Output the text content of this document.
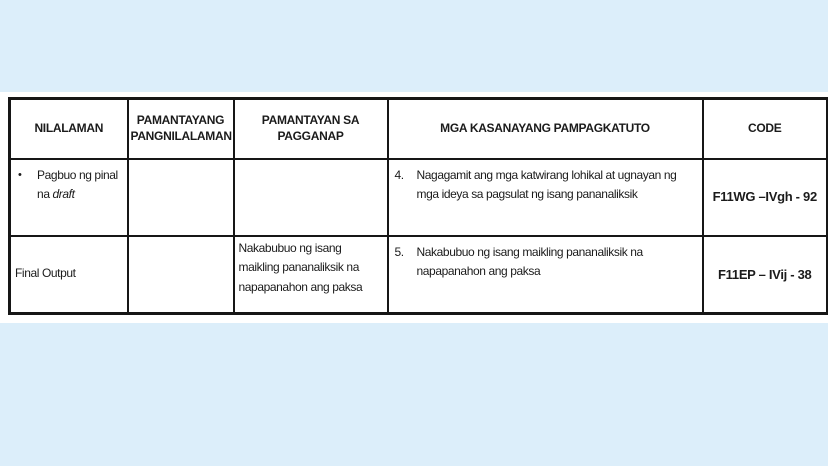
NILALAMAN	PAMANTAYANG PANGNILALAMAN	PAMANTAYAN SA PAGGANAP	MGA KASANAYANG PAMPAGKATUTO	CODE

• Pagbuo ng pinal na draft			4. Nagagamit ang mga katwirang lohikal at ugnayan ng mga ideya sa pagsulat ng isang pananaliksik	F11WG –IVgh - 92
Final Output		Nakabubuo ng isang maikling pananaliksik na napapanahon ang paksa	5. Nakabubuo ng isang maikling pananaliksik na napapanahon ang paksa	F11EP – IVij - 38
